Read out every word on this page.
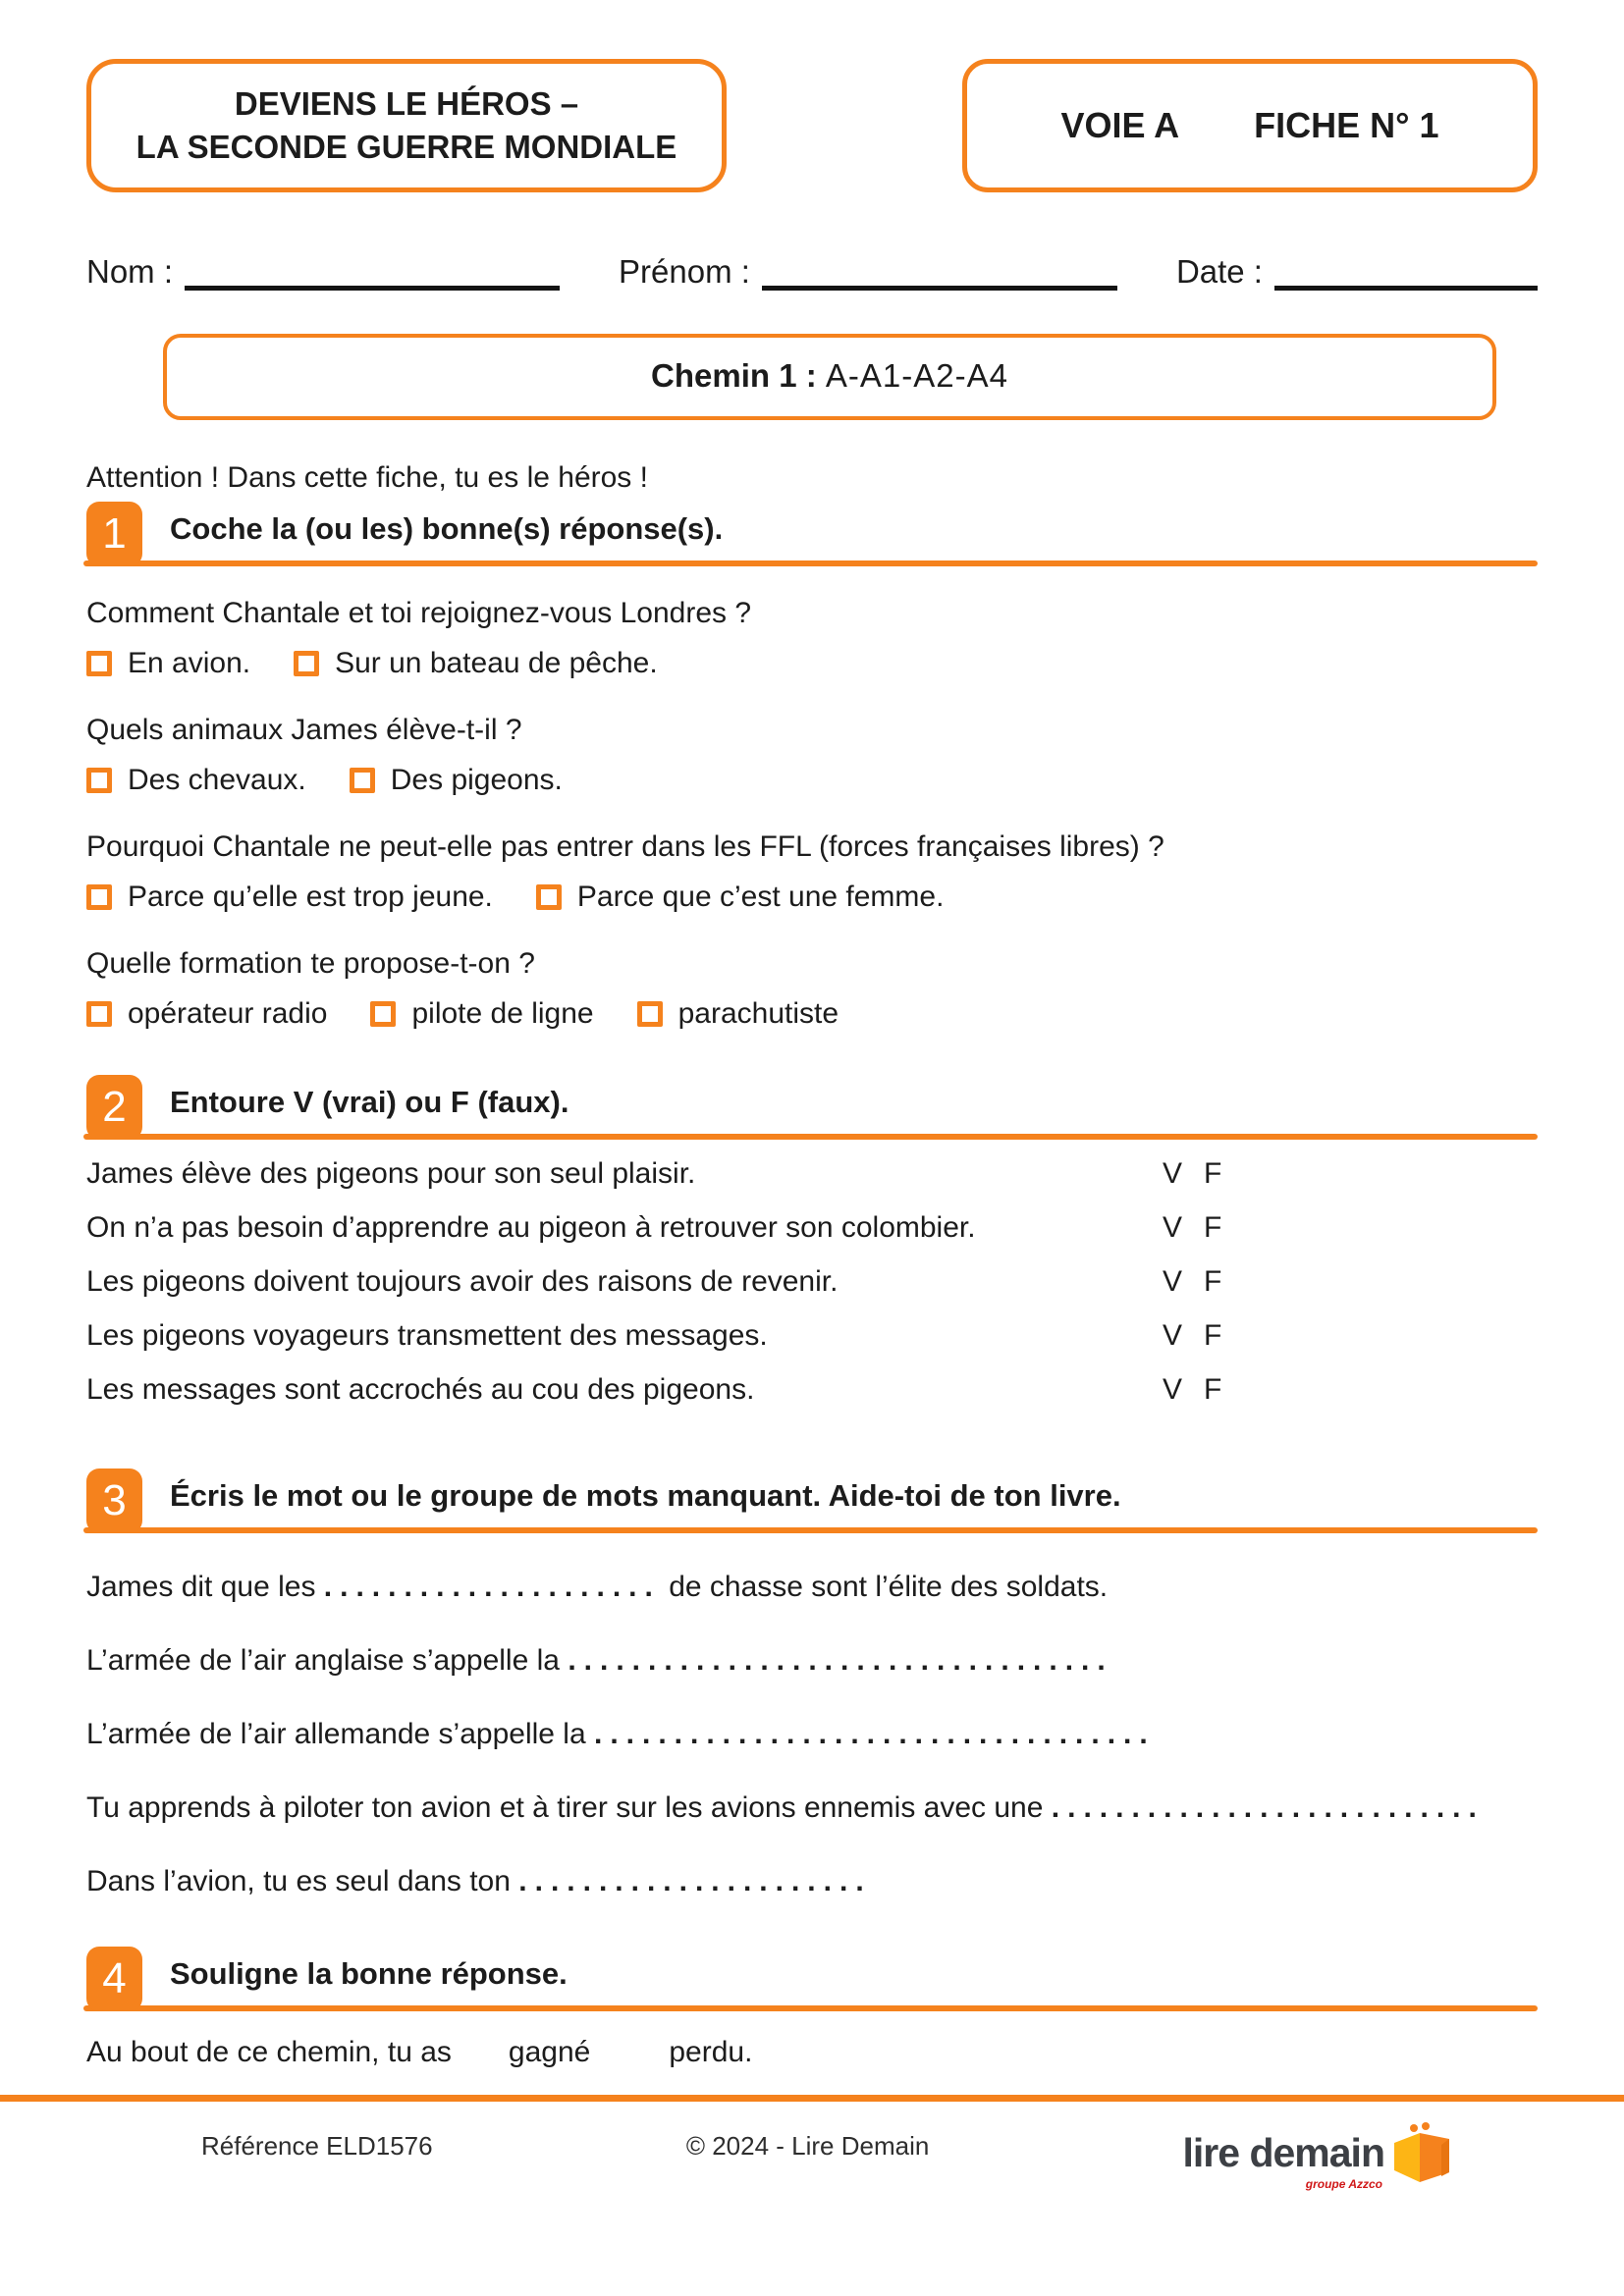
DEVIENS LE HÉROS –
LA SECONDE GUERRE MONDIALE
VOIE A FICHE N° 1
Nom :	Prénom :	Date :
Chemin 1 : A-A1-A2-A4
Attention ! Dans cette fiche, tu es le héros !
1	Coche la (ou les) bonne(s) réponse(s).
Comment Chantale et toi rejoignez-vous Londres ?
En avion.	Sur un bateau de pêche.
Quels animaux James élève-t-il ?
Des chevaux.	Des pigeons.
Pourquoi Chantale ne peut-elle pas entrer dans les FFL (forces françaises libres) ?
Parce qu’elle est trop jeune.	Parce que c’est une femme.
Quelle formation te propose-t-on ?
opérateur radio	pilote de ligne	parachutiste
2	Entoure V (vrai) ou F (faux).
James élève des pigeons pour son seul plaisir.	V F
On n’a pas besoin d’apprendre au pigeon à retrouver son colombier.	V F
Les pigeons doivent toujours avoir des raisons de revenir.	V F
Les pigeons voyageurs transmettent des messages.	V F
Les messages sont accrochés au cou des pigeons.	V F
3	Écris le mot ou le groupe de mots manquant. Aide-toi de ton livre.
James dit que les ..................... de chasse sont l’élite des soldats.
L’armée de l’air anglaise s’appelle la ..................................
L’armée de l’air allemande s’appelle la ...................................
Tu apprends à piloter ton avion et à tirer sur les avions ennemis avec une ...........................
Dans l’avion, tu es seul dans ton ......................
4	Souligne la bonne réponse.
Au bout de ce chemin, tu as gagné	perdu.
Référence ELD1576	© 2024 - Lire Demain	lire demain
groupe Azzco
